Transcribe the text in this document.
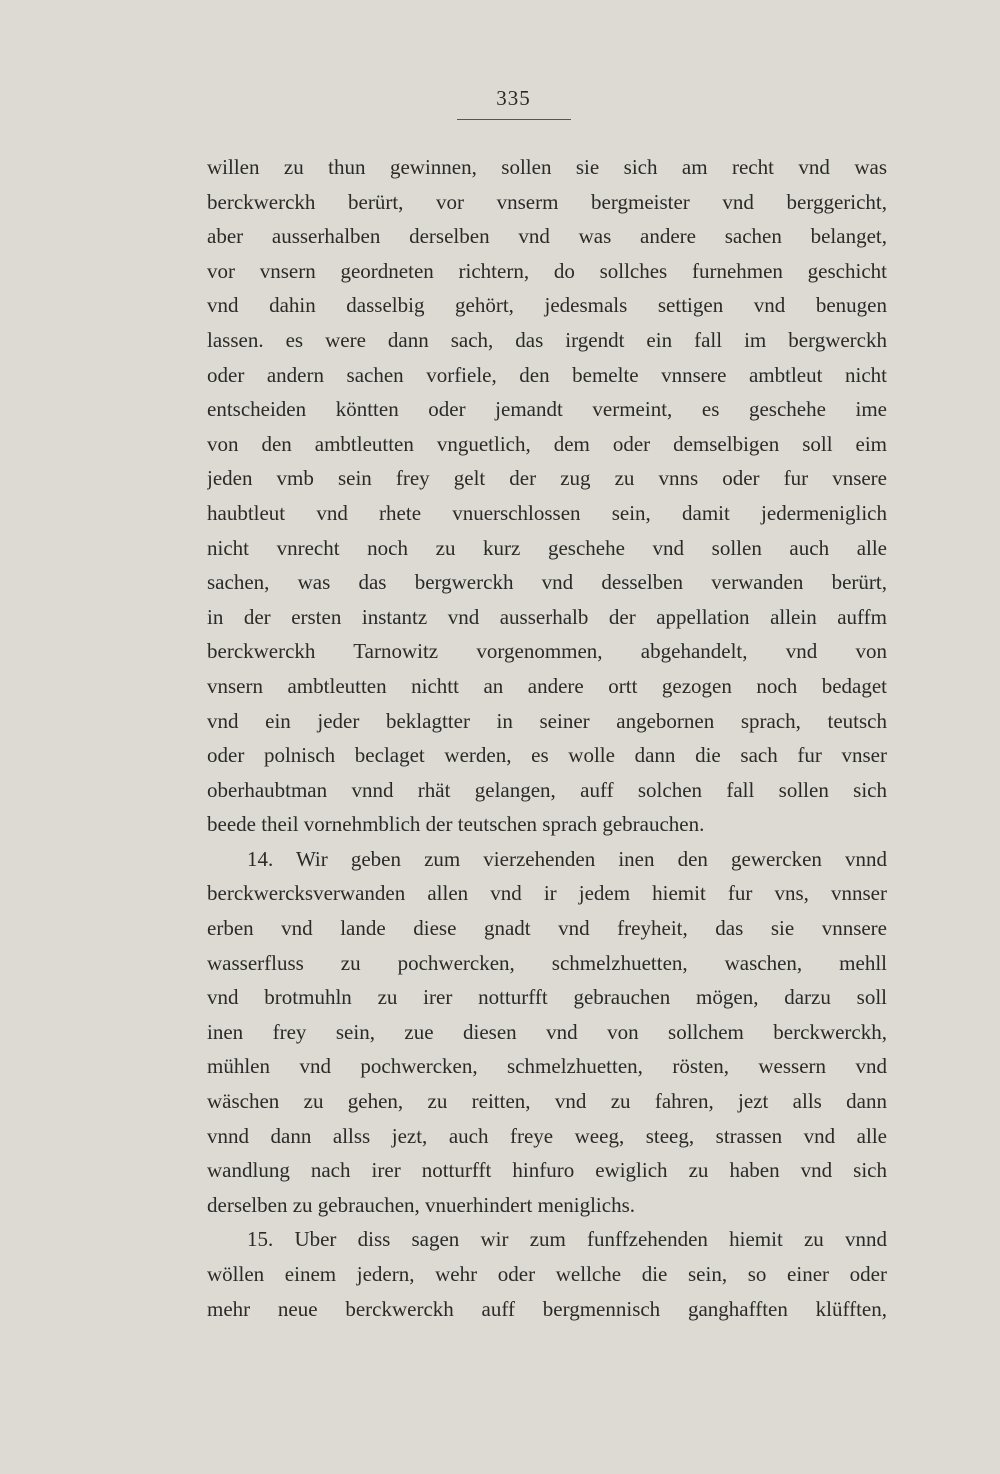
335
willen zu thun gewinnen, sollen sie sich am recht vnd was
berckwerckh berürt, vor vnserm bergmeister vnd berggericht,
aber ausserhalben derselben vnd was andere sachen belanget,
vor vnsern geordneten richtern, do sollches furnehmen geschicht
vnd dahin dasselbig gehört, jedesmals settigen vnd benugen
lassen. es were dann sach, das irgendt ein fall im bergwerckh
oder andern sachen vorfiele, den bemelte vnnsere ambtleut nicht
entscheiden köntten oder jemandt vermeint, es geschehe ime
von den ambtleutten vnguetlich, dem oder demselbigen soll eim
jeden vmb sein frey gelt der zug zu vnns oder fur vnsere
haubtleut vnd rhete vnuerschlossen sein, damit jedermeniglich
nicht vnrecht noch zu kurz geschehe vnd sollen auch alle
sachen, was das bergwerckh vnd desselben verwanden berürt,
in der ersten instantz vnd ausserhalb der appellation allein auffm
berckwerckh Tarnowitz vorgenommen, abgehandelt, vnd von
vnsern ambtleutten nichtt an andere ortt gezogen noch bedaget
vnd ein jeder beklagtter in seiner angebornen sprach, teutsch
oder polnisch beclaget werden, es wolle dann die sach fur vnser
oberhaubtman vnnd rhät gelangen, auff solchen fall sollen sich
beede theil vornehmblich der teutschen sprach gebrauchen.
14. Wir geben zum vierzehenden inen den gewercken vnnd
berckwercksverwanden allen vnd ir jedem hiemit fur vns, vnnser
erben vnd lande diese gnadt vnd freyheit, das sie vnnsere
wasserfluss zu pochwercken, schmelzhuetten, waschen, mehll
vnd brotmuhln zu irer notturfft gebrauchen mögen, darzu soll
inen frey sein, zue diesen vnd von sollchem berckwerckh,
mühlen vnd pochwercken, schmelzhuetten, rösten, wessern vnd
wäschen zu gehen, zu reitten, vnd zu fahren, jezt alls dann
vnnd dann allss jezt, auch freye weeg, steeg, strassen vnd alle
wandlung nach irer notturfft hinfuro ewiglich zu haben vnd sich
derselben zu gebrauchen, vnuerhindert meniglichs.
15. Uber diss sagen wir zum funffzehenden hiemit zu vnnd
wöllen einem jedern, wehr oder wellche die sein, so einer oder
mehr neue berckwerckh auff bergmennisch ganghafften klüfften,
